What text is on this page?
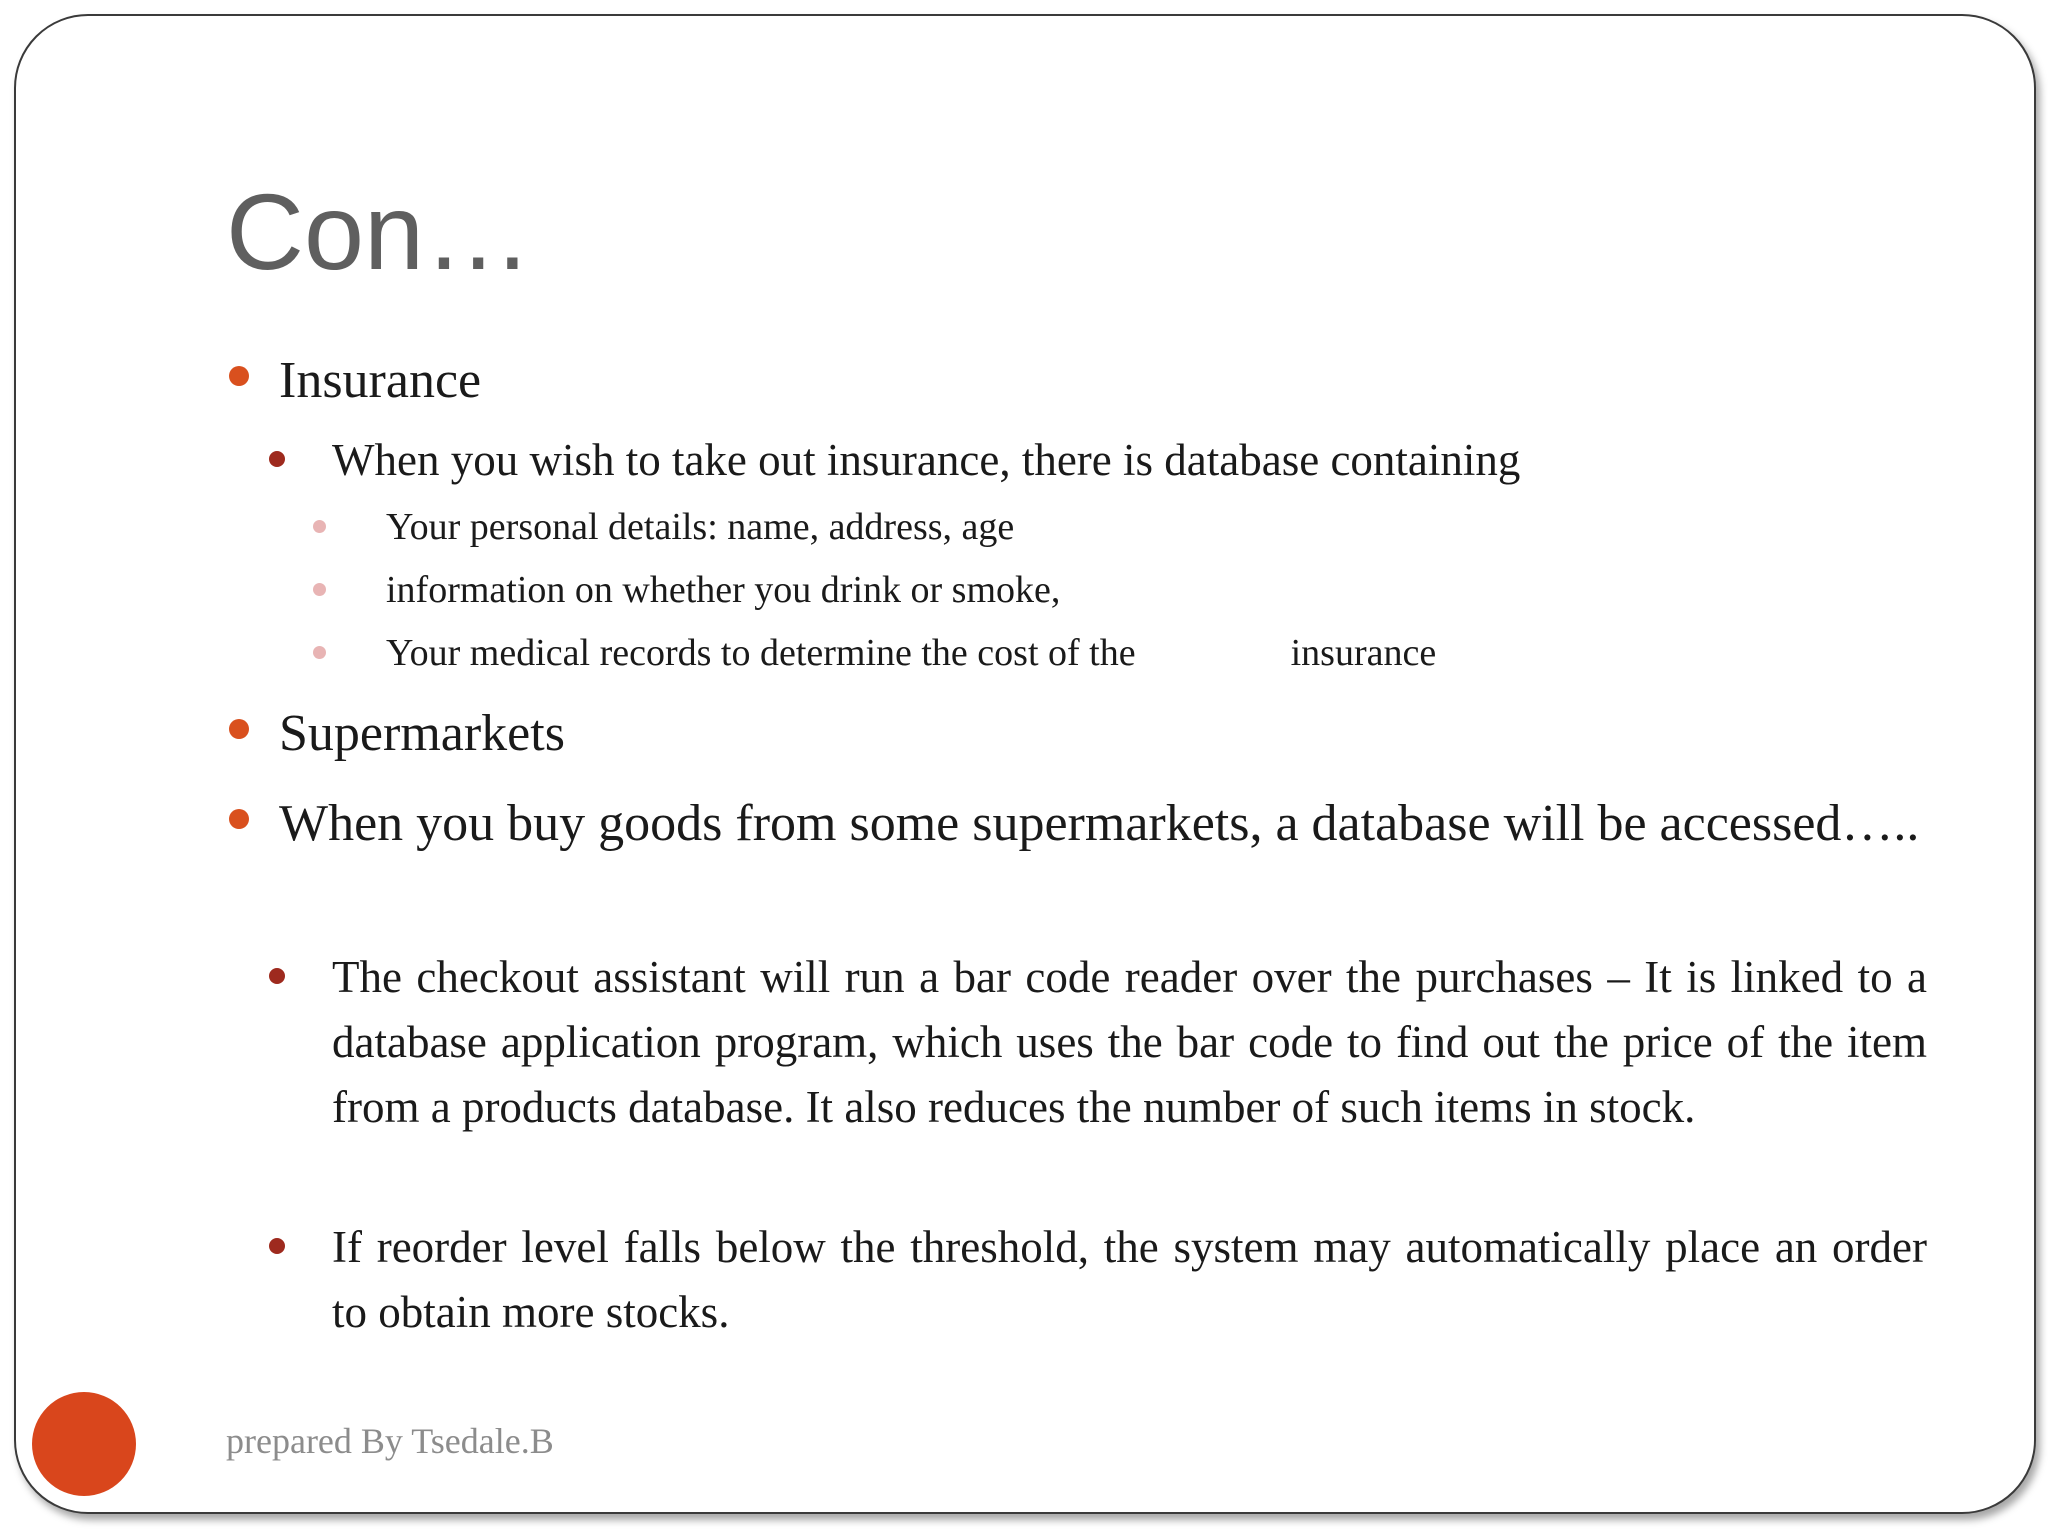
Con…
Insurance
When you wish to take out insurance, there is database containing
Your personal details: name, address, age
information on whether you drink or smoke,
Your medical records to determine the cost of the	insurance
Supermarkets
When you buy goods from some supermarkets, a database will be accessed…..
The checkout assistant will run a bar code reader over the purchases – It is linked to a database application program, which uses the bar code to find out the price of the item from a products database. It also reduces the number of such items in stock.
If reorder level falls below the threshold, the system may automatically place an order to obtain more stocks.
prepared By Tsedale.B
